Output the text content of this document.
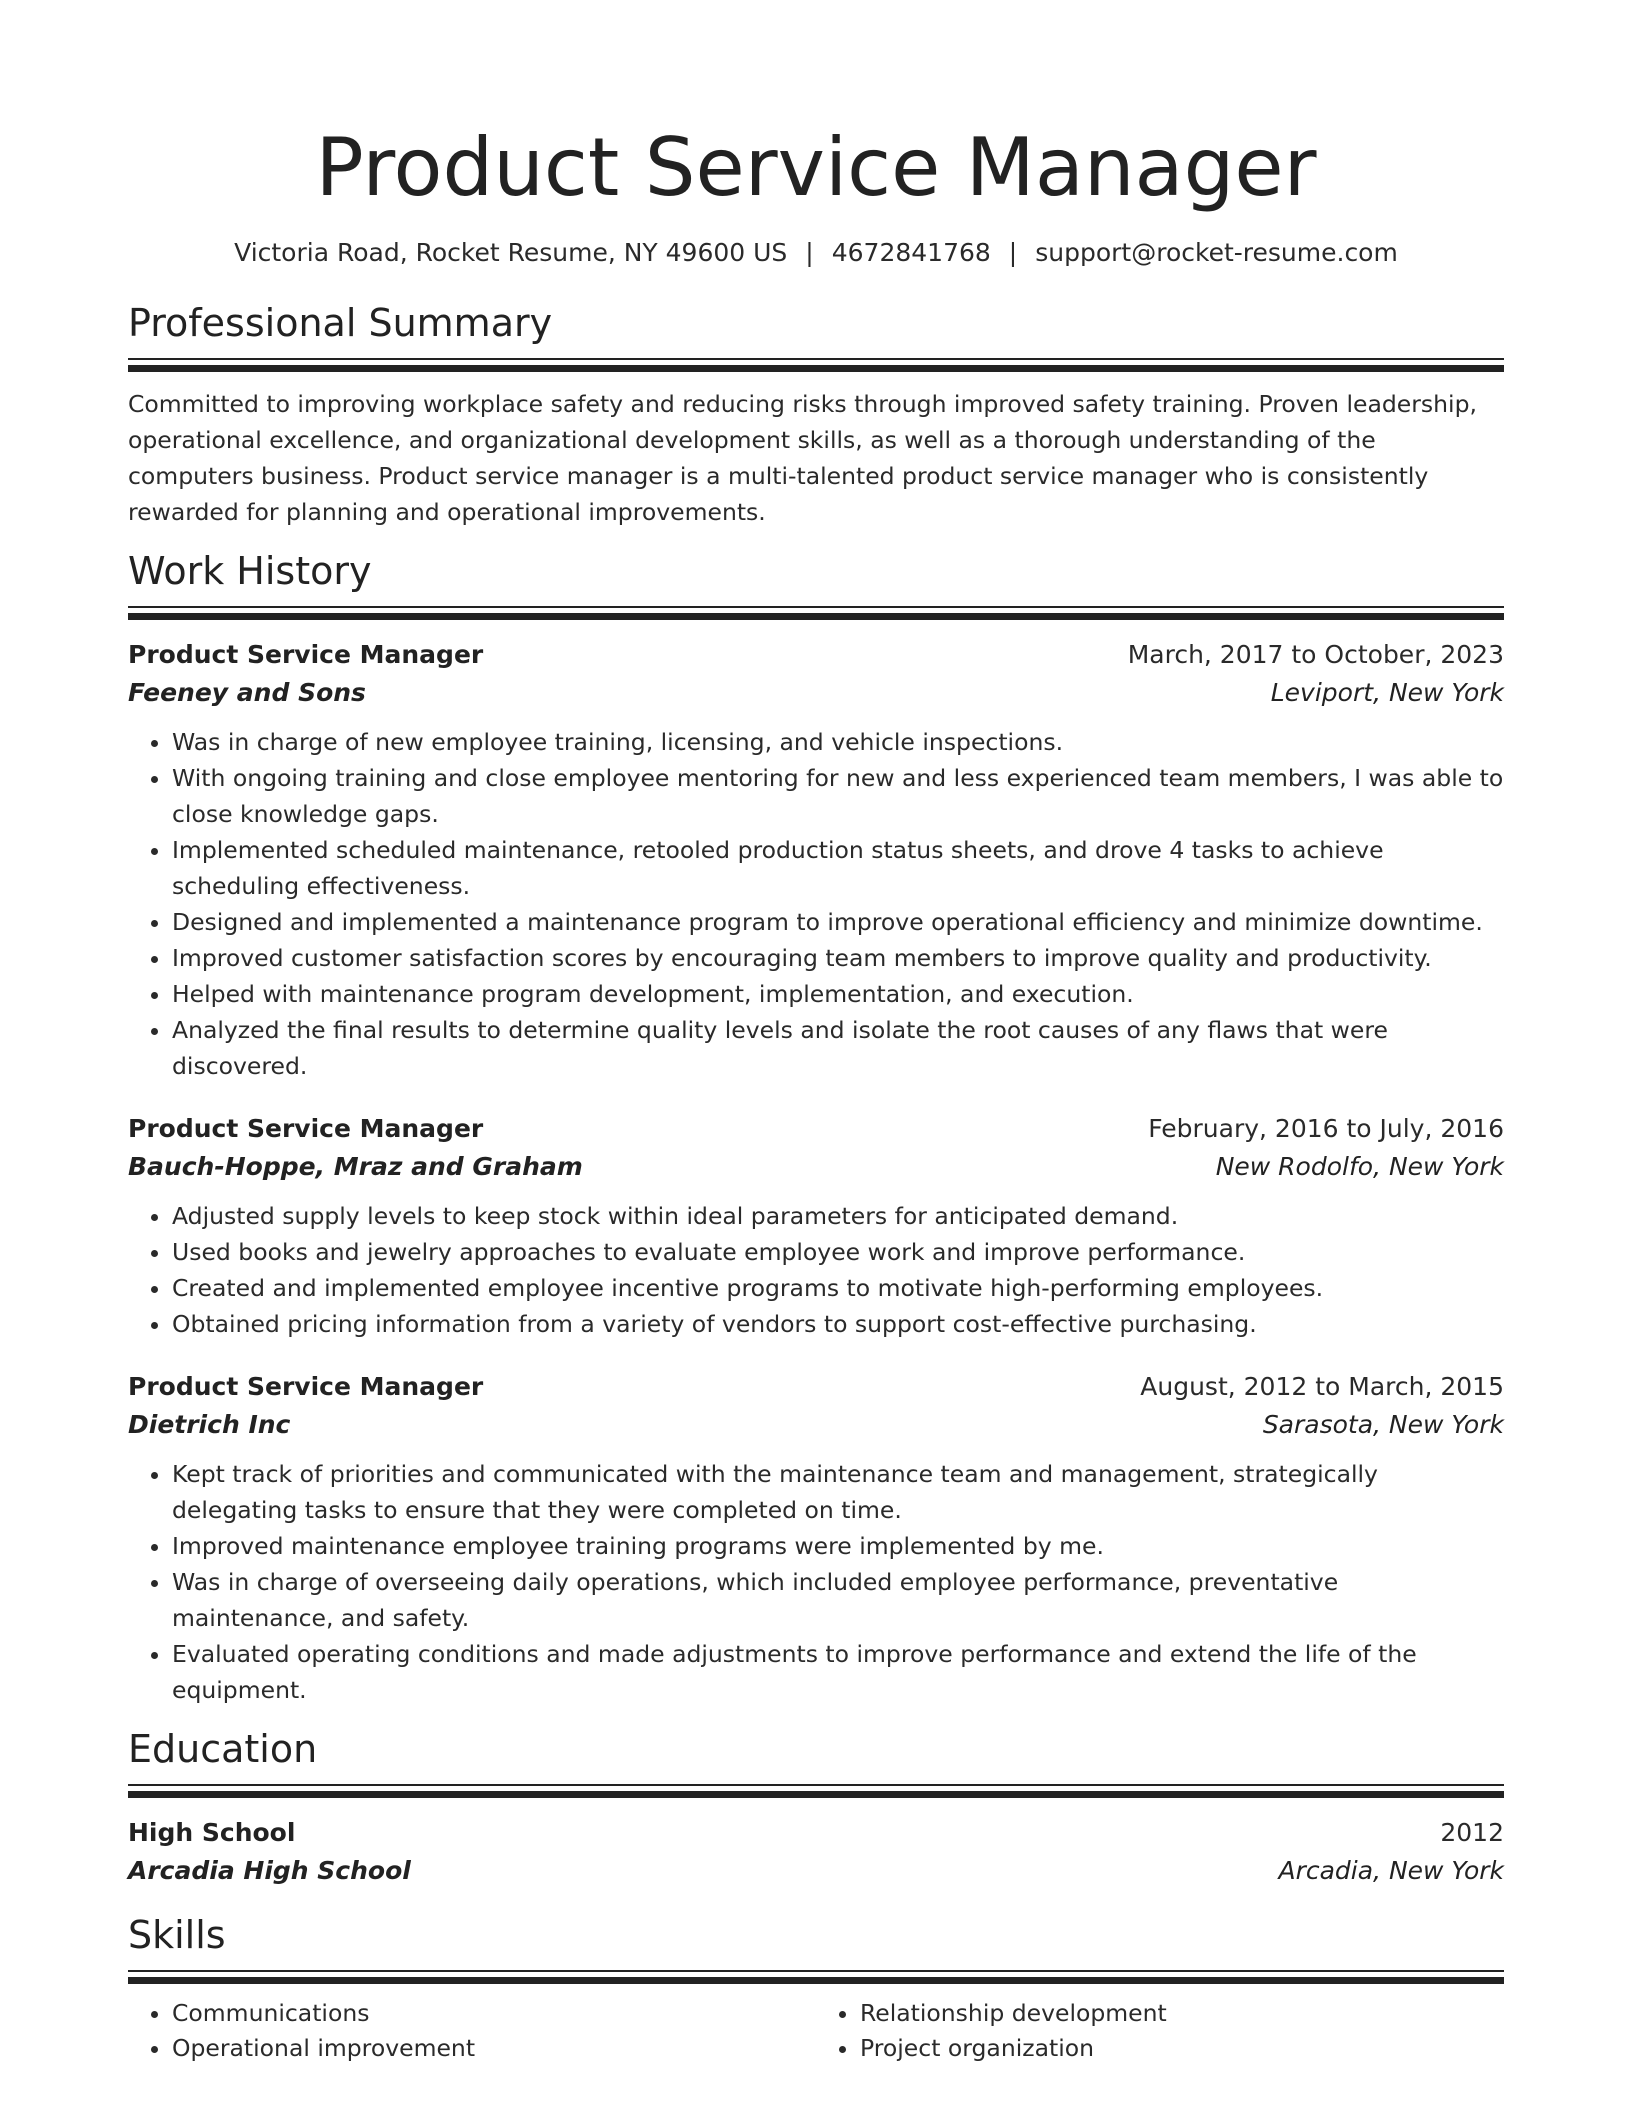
Product Service Manager
Victoria Road, Rocket Resume, NY 49600 US | 4672841768 | support@rocket-resume.com
Professional Summary
Committed to improving workplace safety and reducing risks through improved safety training. Proven leadership, operational excellence, and organizational development skills, as well as a thorough understanding of the computers business. Product service manager is a multi-talented product service manager who is consistently rewarded for planning and operational improvements.
Work History
Product Service Manager	March, 2017 to October, 2023
Feeney and Sons	Leviport, New York
• Was in charge of new employee training, licensing, and vehicle inspections.
• With ongoing training and close employee mentoring for new and less experienced team members, I was able to close knowledge gaps.
• Implemented scheduled maintenance, retooled production status sheets, and drove 4 tasks to achieve scheduling effectiveness.
• Designed and implemented a maintenance program to improve operational efficiency and minimize downtime.
• Improved customer satisfaction scores by encouraging team members to improve quality and productivity.
• Helped with maintenance program development, implementation, and execution.
• Analyzed the final results to determine quality levels and isolate the root causes of any flaws that were discovered.
Product Service Manager	February, 2016 to July, 2016
Bauch-Hoppe, Mraz and Graham	New Rodolfo, New York
• Adjusted supply levels to keep stock within ideal parameters for anticipated demand.
• Used books and jewelry approaches to evaluate employee work and improve performance.
• Created and implemented employee incentive programs to motivate high-performing employees.
• Obtained pricing information from a variety of vendors to support cost-effective purchasing.
Product Service Manager	August, 2012 to March, 2015
Dietrich Inc	Sarasota, New York
• Kept track of priorities and communicated with the maintenance team and management, strategically delegating tasks to ensure that they were completed on time.
• Improved maintenance employee training programs were implemented by me.
• Was in charge of overseeing daily operations, which included employee performance, preventative maintenance, and safety.
• Evaluated operating conditions and made adjustments to improve performance and extend the life of the equipment.
Education
High School	2012
Arcadia High School	Arcadia, New York
Skills
• Communications
• Operational improvement
• Relationship development
• Project organization
